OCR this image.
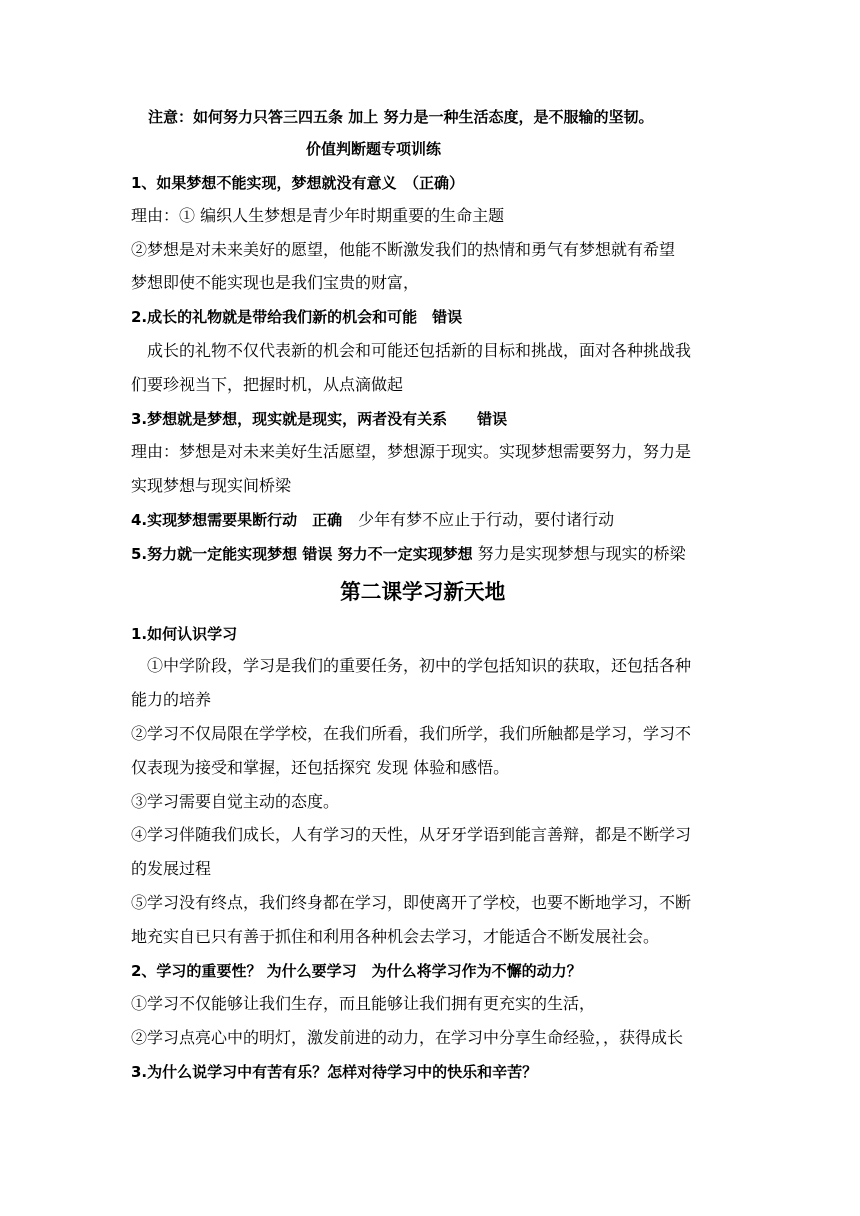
注意：如何努力只答三四五条 加上 努力是一种生活态度，是不服输的坚韧。
价值判断题专项训练
1、如果梦想不能实现，梦想就没有意义　（正确）
理由：① 编织人生梦想是青少年时期重要的生命主题
②梦想是对未来美好的愿望，他能不断激发我们的热情和勇气有梦想就有希望
梦想即使不能实现也是我们宝贵的财富，
2.成长的礼物就是带给我们新的机会和可能　错误
　成长的礼物不仅代表新的机会和可能还包括新的目标和挑战，面对各种挑战我
们要珍视当下，把握时机，从点滴做起
3.梦想就是梦想，现实就是现实，两者没有关系　　错误
理由：梦想是对未来美好生活愿望，梦想源于现实。实现梦想需要努力，努力是
实现梦想与现实间桥梁
4.实现梦想需要果断行动　正确　少年有梦不应止于行动，要付诸行动
5.努力就一定能实现梦想 错误 努力不一定实现梦想 努力是实现梦想与现实的桥梁
第二课学习新天地
1.如何认识学习
　①中学阶段，学习是我们的重要任务，初中的学包括知识的获取，还包括各种
能力的培养
②学习不仅局限在学学校，在我们所看，我们所学，我们所触都是学习，学习不
仅表现为接受和掌握，还包括探究 发现 体验和感悟。
③学习需要自觉主动的态度。
④学习伴随我们成长，人有学习的天性，从牙牙学语到能言善辩，都是不断学习
的发展过程
⑤学习没有终点，我们终身都在学习，即使离开了学校，也要不断地学习，不断
地充实自已只有善于抓住和利用各种机会去学习，才能适合不断发展社会。
2、学习的重要性？ 为什么要学习　为什么将学习作为不懈的动力？
①学习不仅能够让我们生存，而且能够让我们拥有更充实的生活，
②学习点亮心中的明灯，激发前进的动力，在学习中分享生命经验，，获得成长
3.为什么说学习中有苦有乐？怎样对待学习中的快乐和辛苦？
